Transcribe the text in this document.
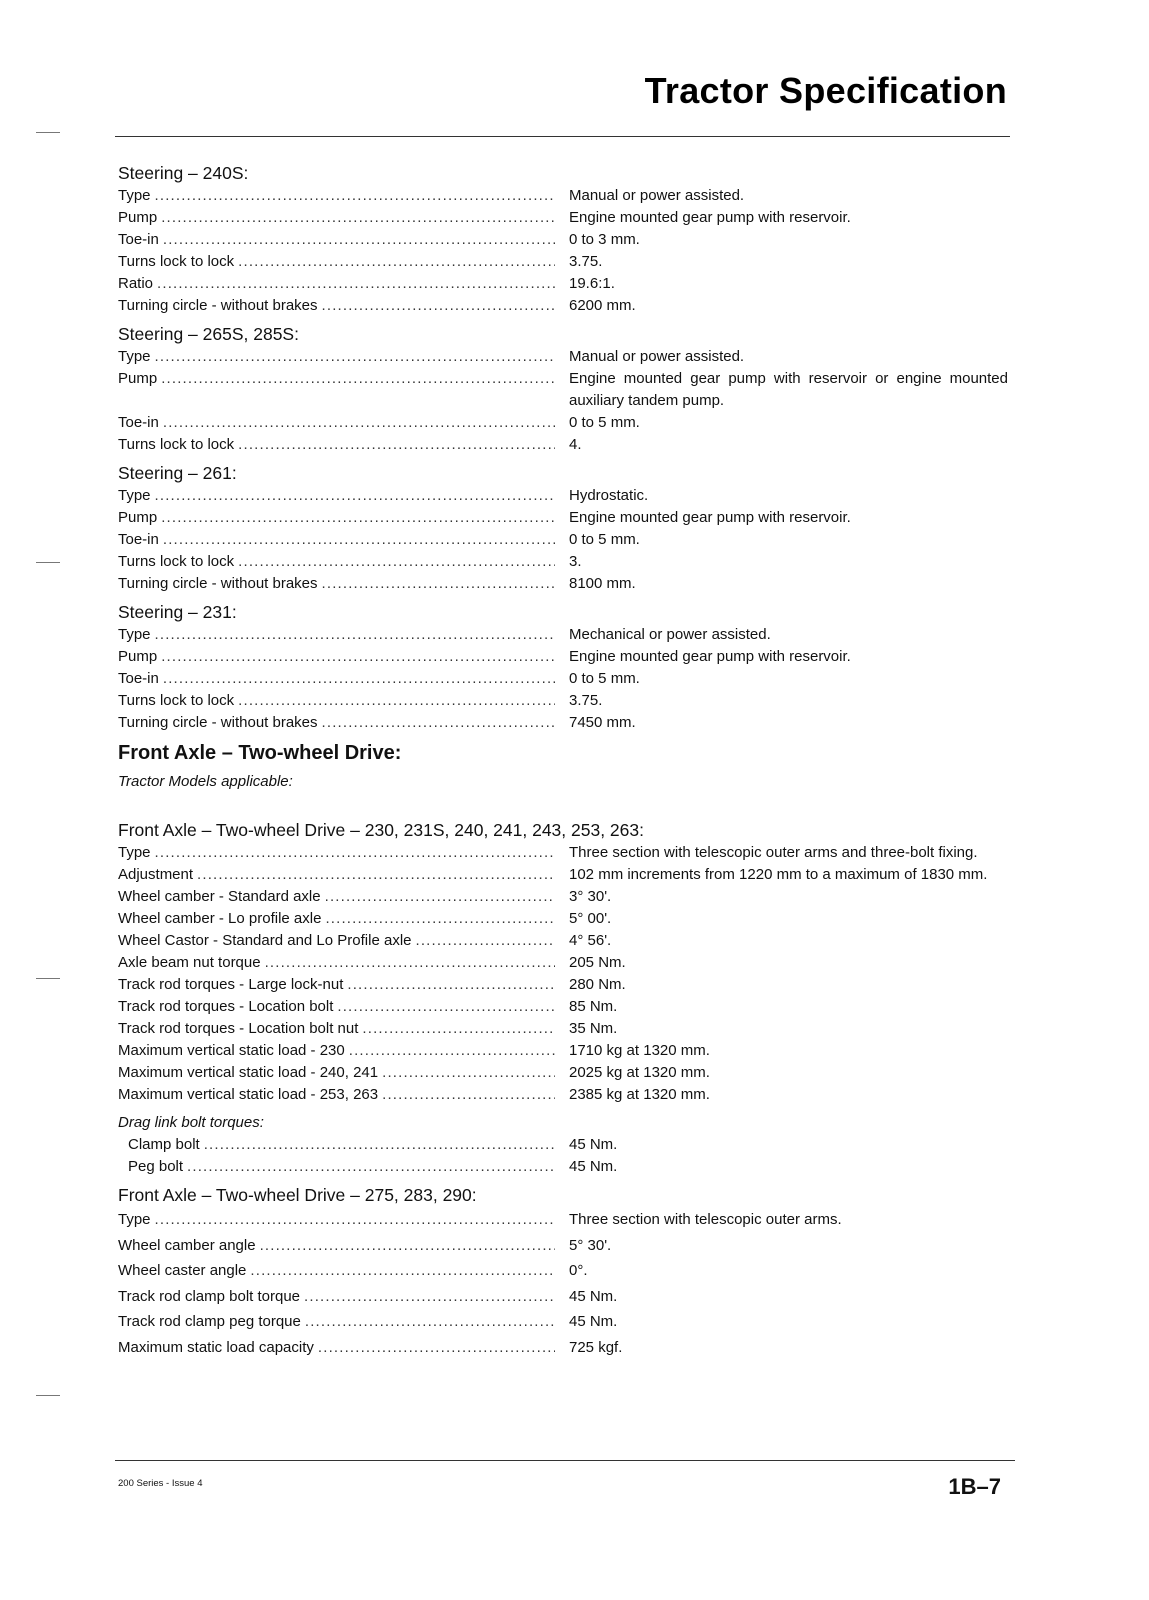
Tractor Specification
Steering – 240S:
Type . . .	Manual or power assisted.
Pump . . .	Engine mounted gear pump with reservoir.
Toe-in . . .	0 to 3 mm.
Turns lock to lock . . .	3.75.
Ratio . . .	19.6:1.
Turning circle - without brakes . . .	6200 mm.
Steering – 265S, 285S:
Type . . .	Manual or power assisted.
Pump . . .	Engine mounted gear pump with reservoir or engine mounted auxiliary tandem pump.
Toe-in . . .	0 to 5 mm.
Turns lock to lock . . .	4.
Steering – 261:
Type . . .	Hydrostatic.
Pump . . .	Engine mounted gear pump with reservoir.
Toe-in . . .	0 to 5 mm.
Turns lock to lock . . .	3.
Turning circle - without brakes . . .	8100 mm.
Steering – 231:
Type . . .	Mechanical or power assisted.
Pump . . .	Engine mounted gear pump with reservoir.
Toe-in . . .	0 to 5 mm.
Turns lock to lock . . .	3.75.
Turning circle - without brakes . . .	7450 mm.
Front Axle – Two-wheel Drive:
Tractor Models applicable:
Front Axle – Two-wheel Drive – 230, 231S, 240, 241, 243, 253, 263:
Type . . .	Three section with telescopic outer arms and three-bolt fixing.
Adjustment . . .	102 mm increments from 1220 mm to a maximum of 1830 mm.
Wheel camber - Standard axle . . .	3° 30'.
Wheel camber - Lo profile axle . . .	5° 00'.
Wheel Castor - Standard and Lo Profile axle . . .	4° 56'.
Axle beam nut torque . . .	205 Nm.
Track rod torques - Large lock-nut . . .	280 Nm.
Track rod torques - Location bolt . . .	85 Nm.
Track rod torques - Location bolt nut . . .	35 Nm.
Maximum vertical static load - 230 . . .	1710 kg at 1320 mm.
Maximum vertical static load - 240, 241 . . .	2025 kg at 1320 mm.
Maximum vertical static load - 253, 263 . . .	2385 kg at 1320 mm.
Drag link bolt torques:
Clamp bolt . . .	45 Nm.
Peg bolt . . .	45 Nm.
Front Axle – Two-wheel Drive – 275, 283, 290:
Type . . .	Three section with telescopic outer arms.
Wheel camber angle . . .	5° 30'.
Wheel caster angle . . .	0°.
Track rod clamp bolt torque . . .	45 Nm.
Track rod clamp peg torque . . .	45 Nm.
Maximum static load capacity . . .	725 kgf.
200 Series - Issue 4	1B–7
